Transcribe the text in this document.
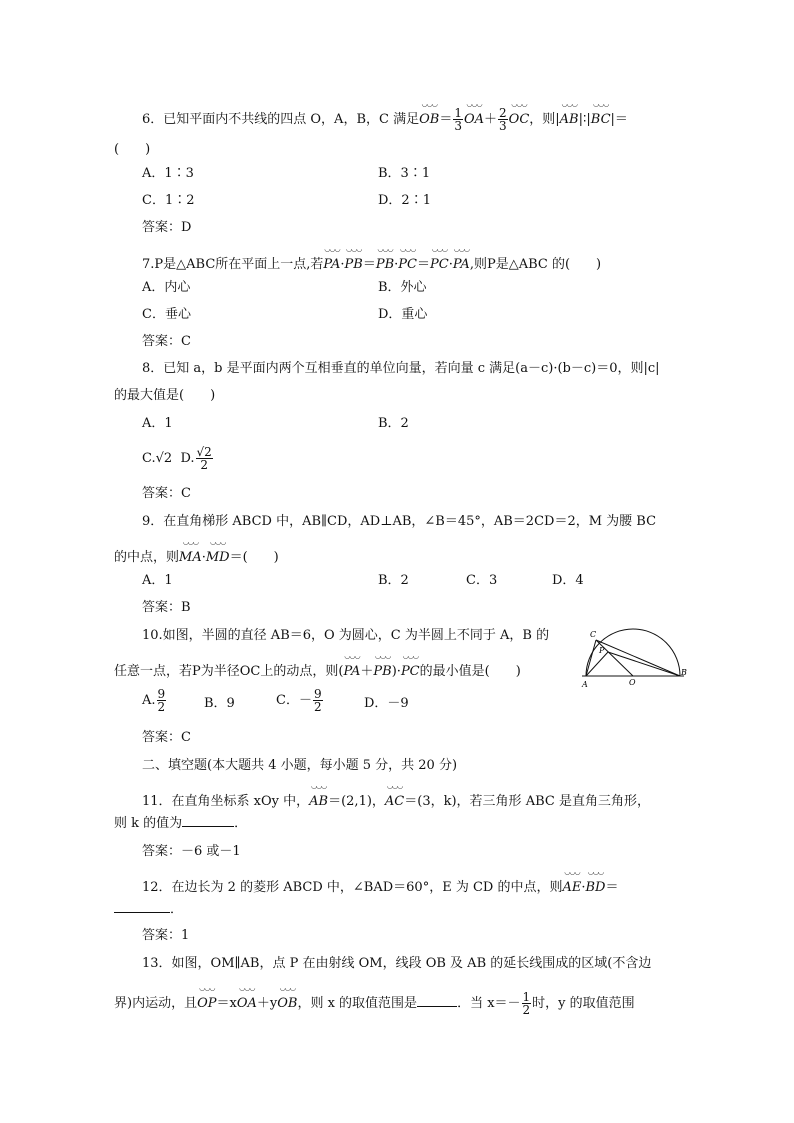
6．已知平面内不共线的四点 O，A，B，C 满足◡◡◡ $OB= \frac{1}{3}$ ◡◡◡ $OA+ \frac{2}{3}$ ◡◡◡ OC，则|◡◡◡ AB|∶|◡◡◡ BC|＝
(　　)
A．1∶3	B．3∶1
C．1∶2	D．2∶1
答案：D
7.P是△ABC所在平面上一点,若◡◡◡ PA·◡◡◡ PB＝◡◡◡ PB·◡◡◡ PC＝◡◡◡ PC·◡◡◡ PA,则P是△ABC 的(　　)
A．内心	B．外心
C．垂心	D．重心
答案：C
8．已知 a，b 是平面内两个互相垂直的单位向量，若向量 c 满足(a－c)·(b－c)＝0，则|c|
的最大值是(　　)
A．1	B．2
C.√2 D. $\frac{√2}{2}$
答案：C
9．在直角梯形 ABCD 中，AB∥CD，AD⊥AB，∠B＝45°，AB＝2CD＝2，M 为腰 BC
的中点，则◡◡◡ MA·◡◡◡ MD＝(　　)
A．1	B．2	C．3	D．4
答案：B
10.如图，半圆的直径 AB＝6，O 为圆心，C 为半圆上不同于 A，B 的
任意一点，若P为半径OC上的动点，则(◡◡◡ PA＋◡◡◡ PB)·◡◡◡ PC的最小值是(　　)
C
P
A	O
B
A. $\frac{9}{2}$	B．9	C．－ $\frac{9}{2}$	D．－9
答案：C
二、填空题(本大题共 4 小题，每小题 5 分，共 20 分)
11．在直角坐标系 xOy 中，◡◡◡ AB＝(2,1)，◡◡◡ AC＝(3，k)，若三角形 ABC 是直角三角形，
则 k 的值为	．
答案：－6 或－1
12．在边长为 2 的菱形 ABCD 中，∠BAD＝60°，E 为 CD 的中点，则◡◡◡ AE·◡◡◡ BD＝
．
答案：1
13．如图，OM∥AB，点 P 在由射线 OM，线段 OB 及 AB 的延长线围成的区域(不含边
界)内运动，且◡◡◡ OP＝x◡◡◡ OA＋y◡◡◡ OB，则 x 的取值范围是	．当 $x=- \frac{1}{2}$ 时，y 的取值范围
